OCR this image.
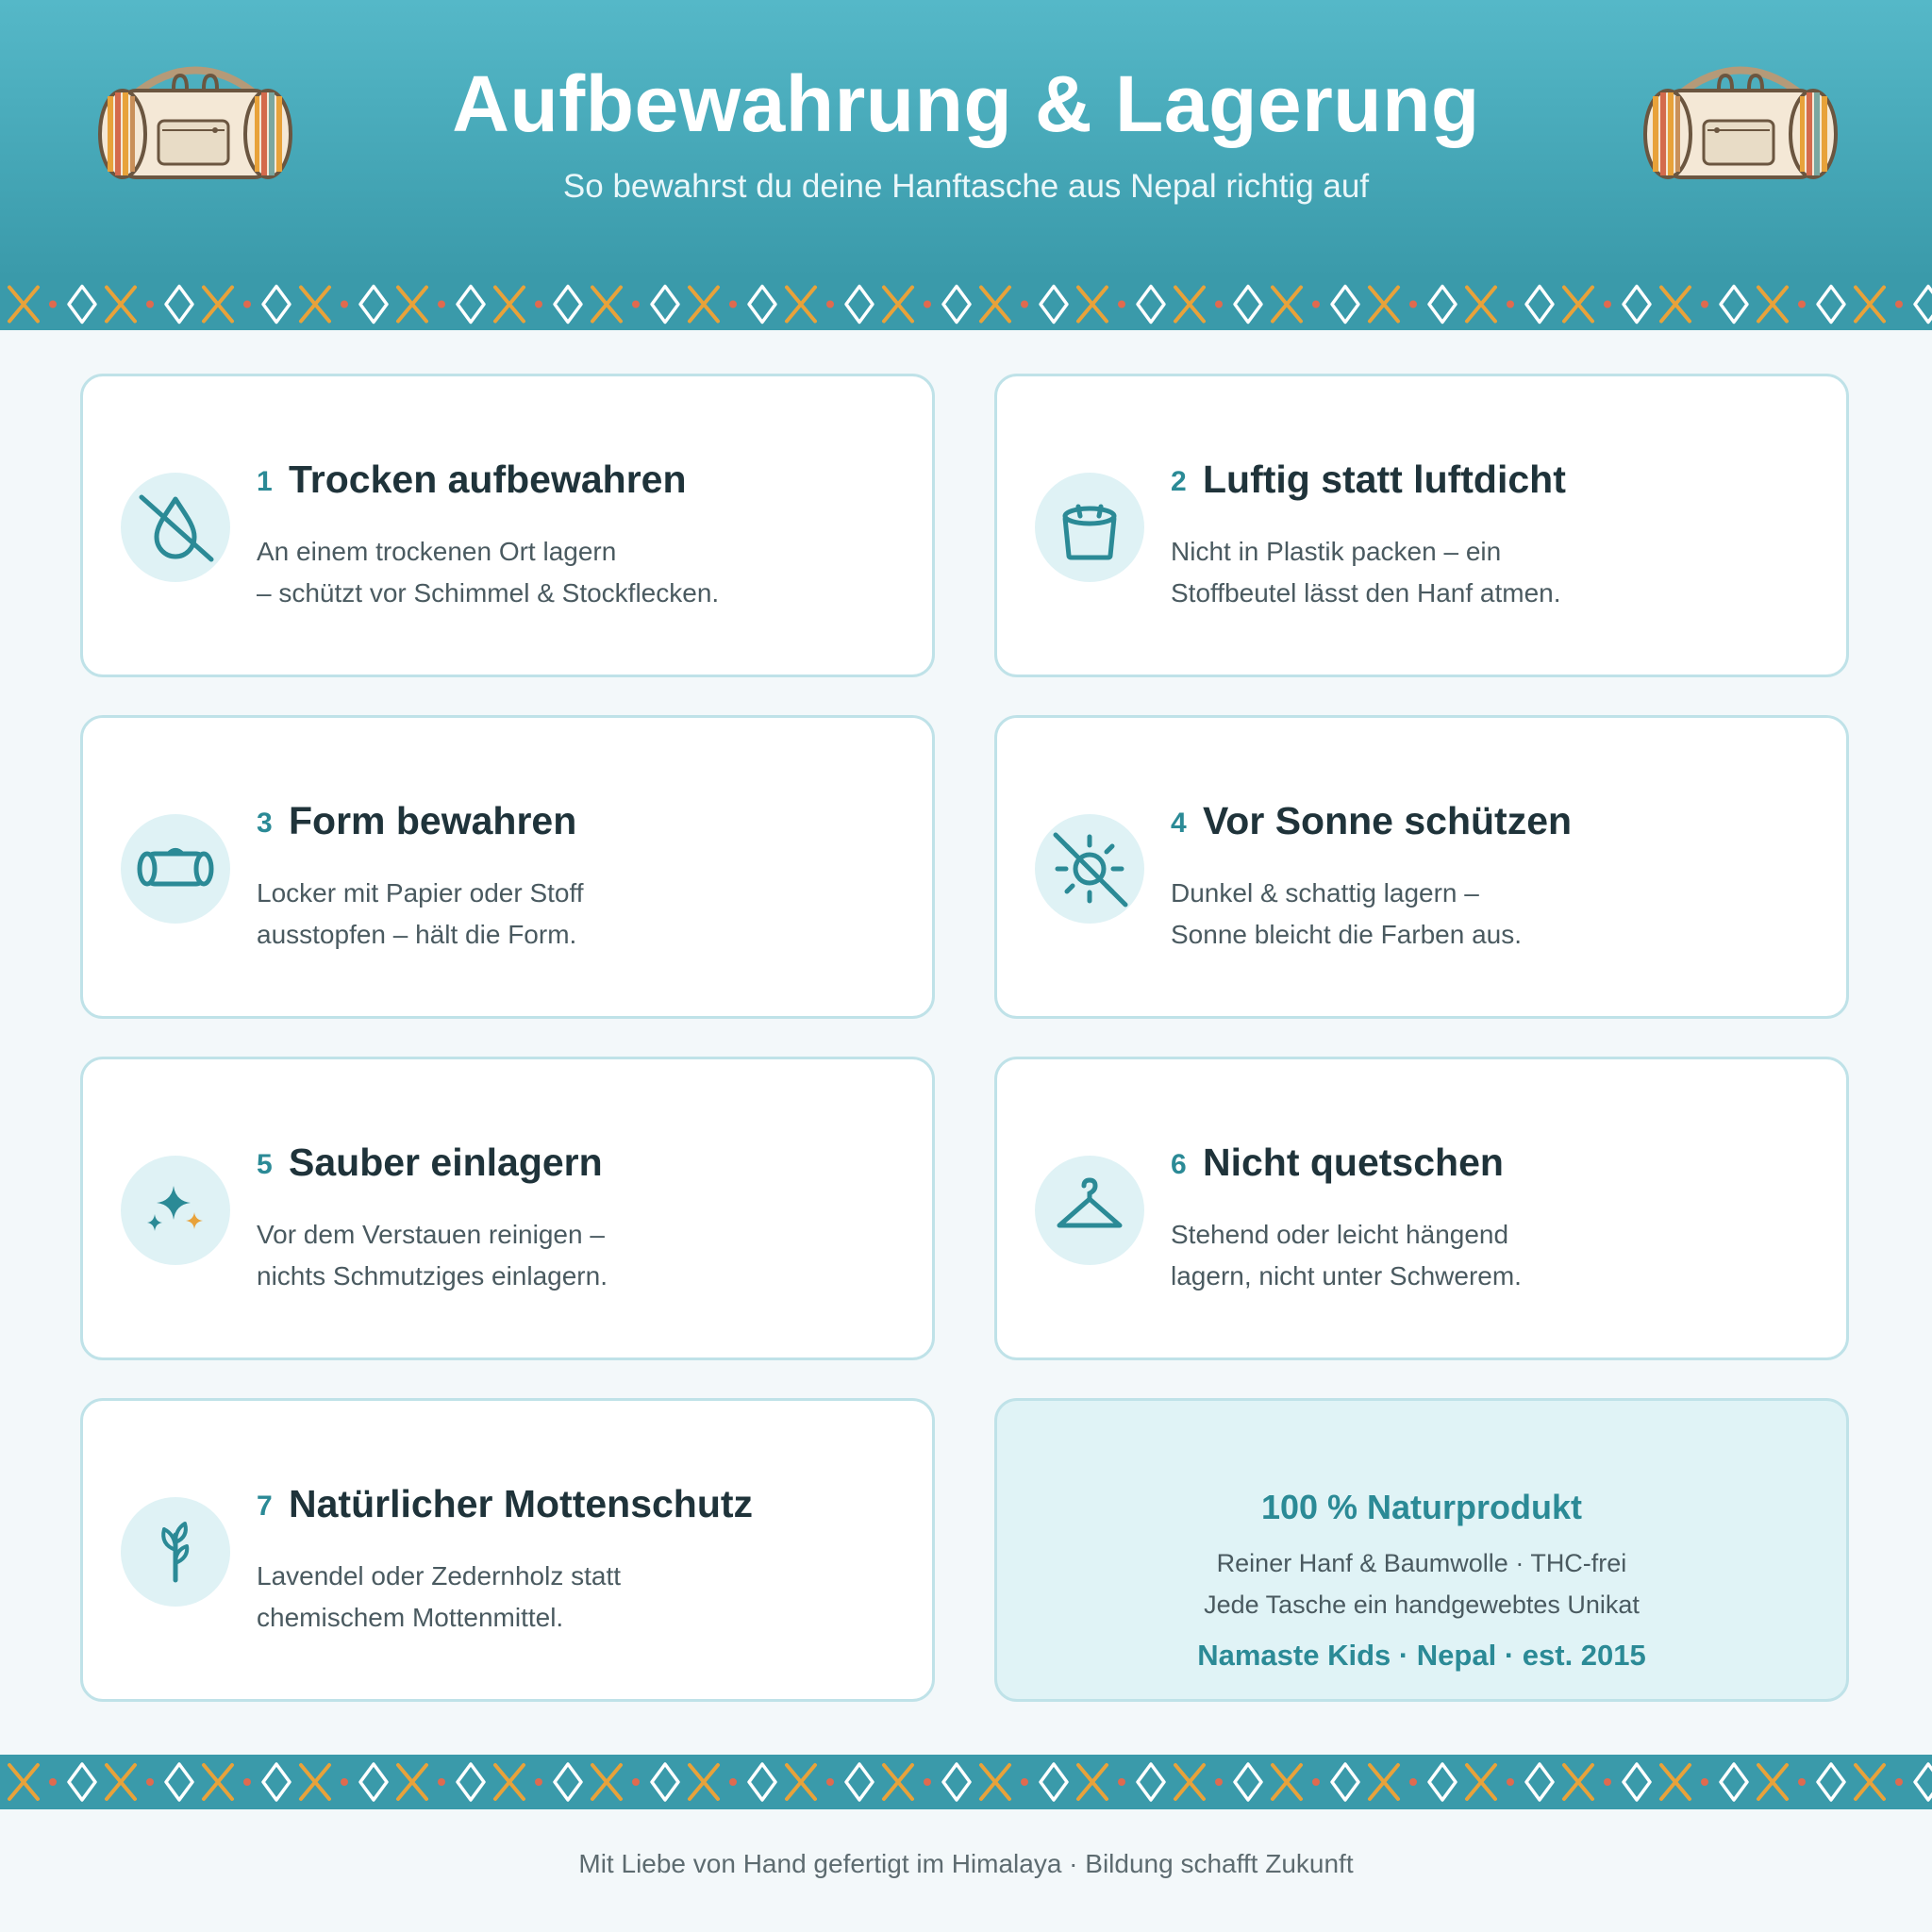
Aufbewahrung & Lagerung
So bewahrst du deine Hanftasche aus Nepal richtig auf
1 Trocken aufbewahren
An einem trockenen Ort lagern
– schützt vor Schimmel & Stockflecken.
2 Luftig statt luftdicht
Nicht in Plastik packen – ein
Stoffbeutel lässt den Hanf atmen.
3 Form bewahren
Locker mit Papier oder Stoff
ausstopfen – hält die Form.
4 Vor Sonne schützen
Dunkel & schattig lagern –
Sonne bleicht die Farben aus.
5 Sauber einlagern
Vor dem Verstauen reinigen –
nichts Schmutziges einlagern.
6 Nicht quetschen
Stehend oder leicht hängend
lagern, nicht unter Schwerem.
7 Natürlicher Mottenschutz
Lavendel oder Zedernholz statt
chemischem Mottenmittel.
100 % Naturprodukt
Reiner Hanf & Baumwolle · THC-frei
Jede Tasche ein handgewebtes Unikat
Namaste Kids · Nepal · est. 2015
Mit Liebe von Hand gefertigt im Himalaya · Bildung schafft Zukunft
